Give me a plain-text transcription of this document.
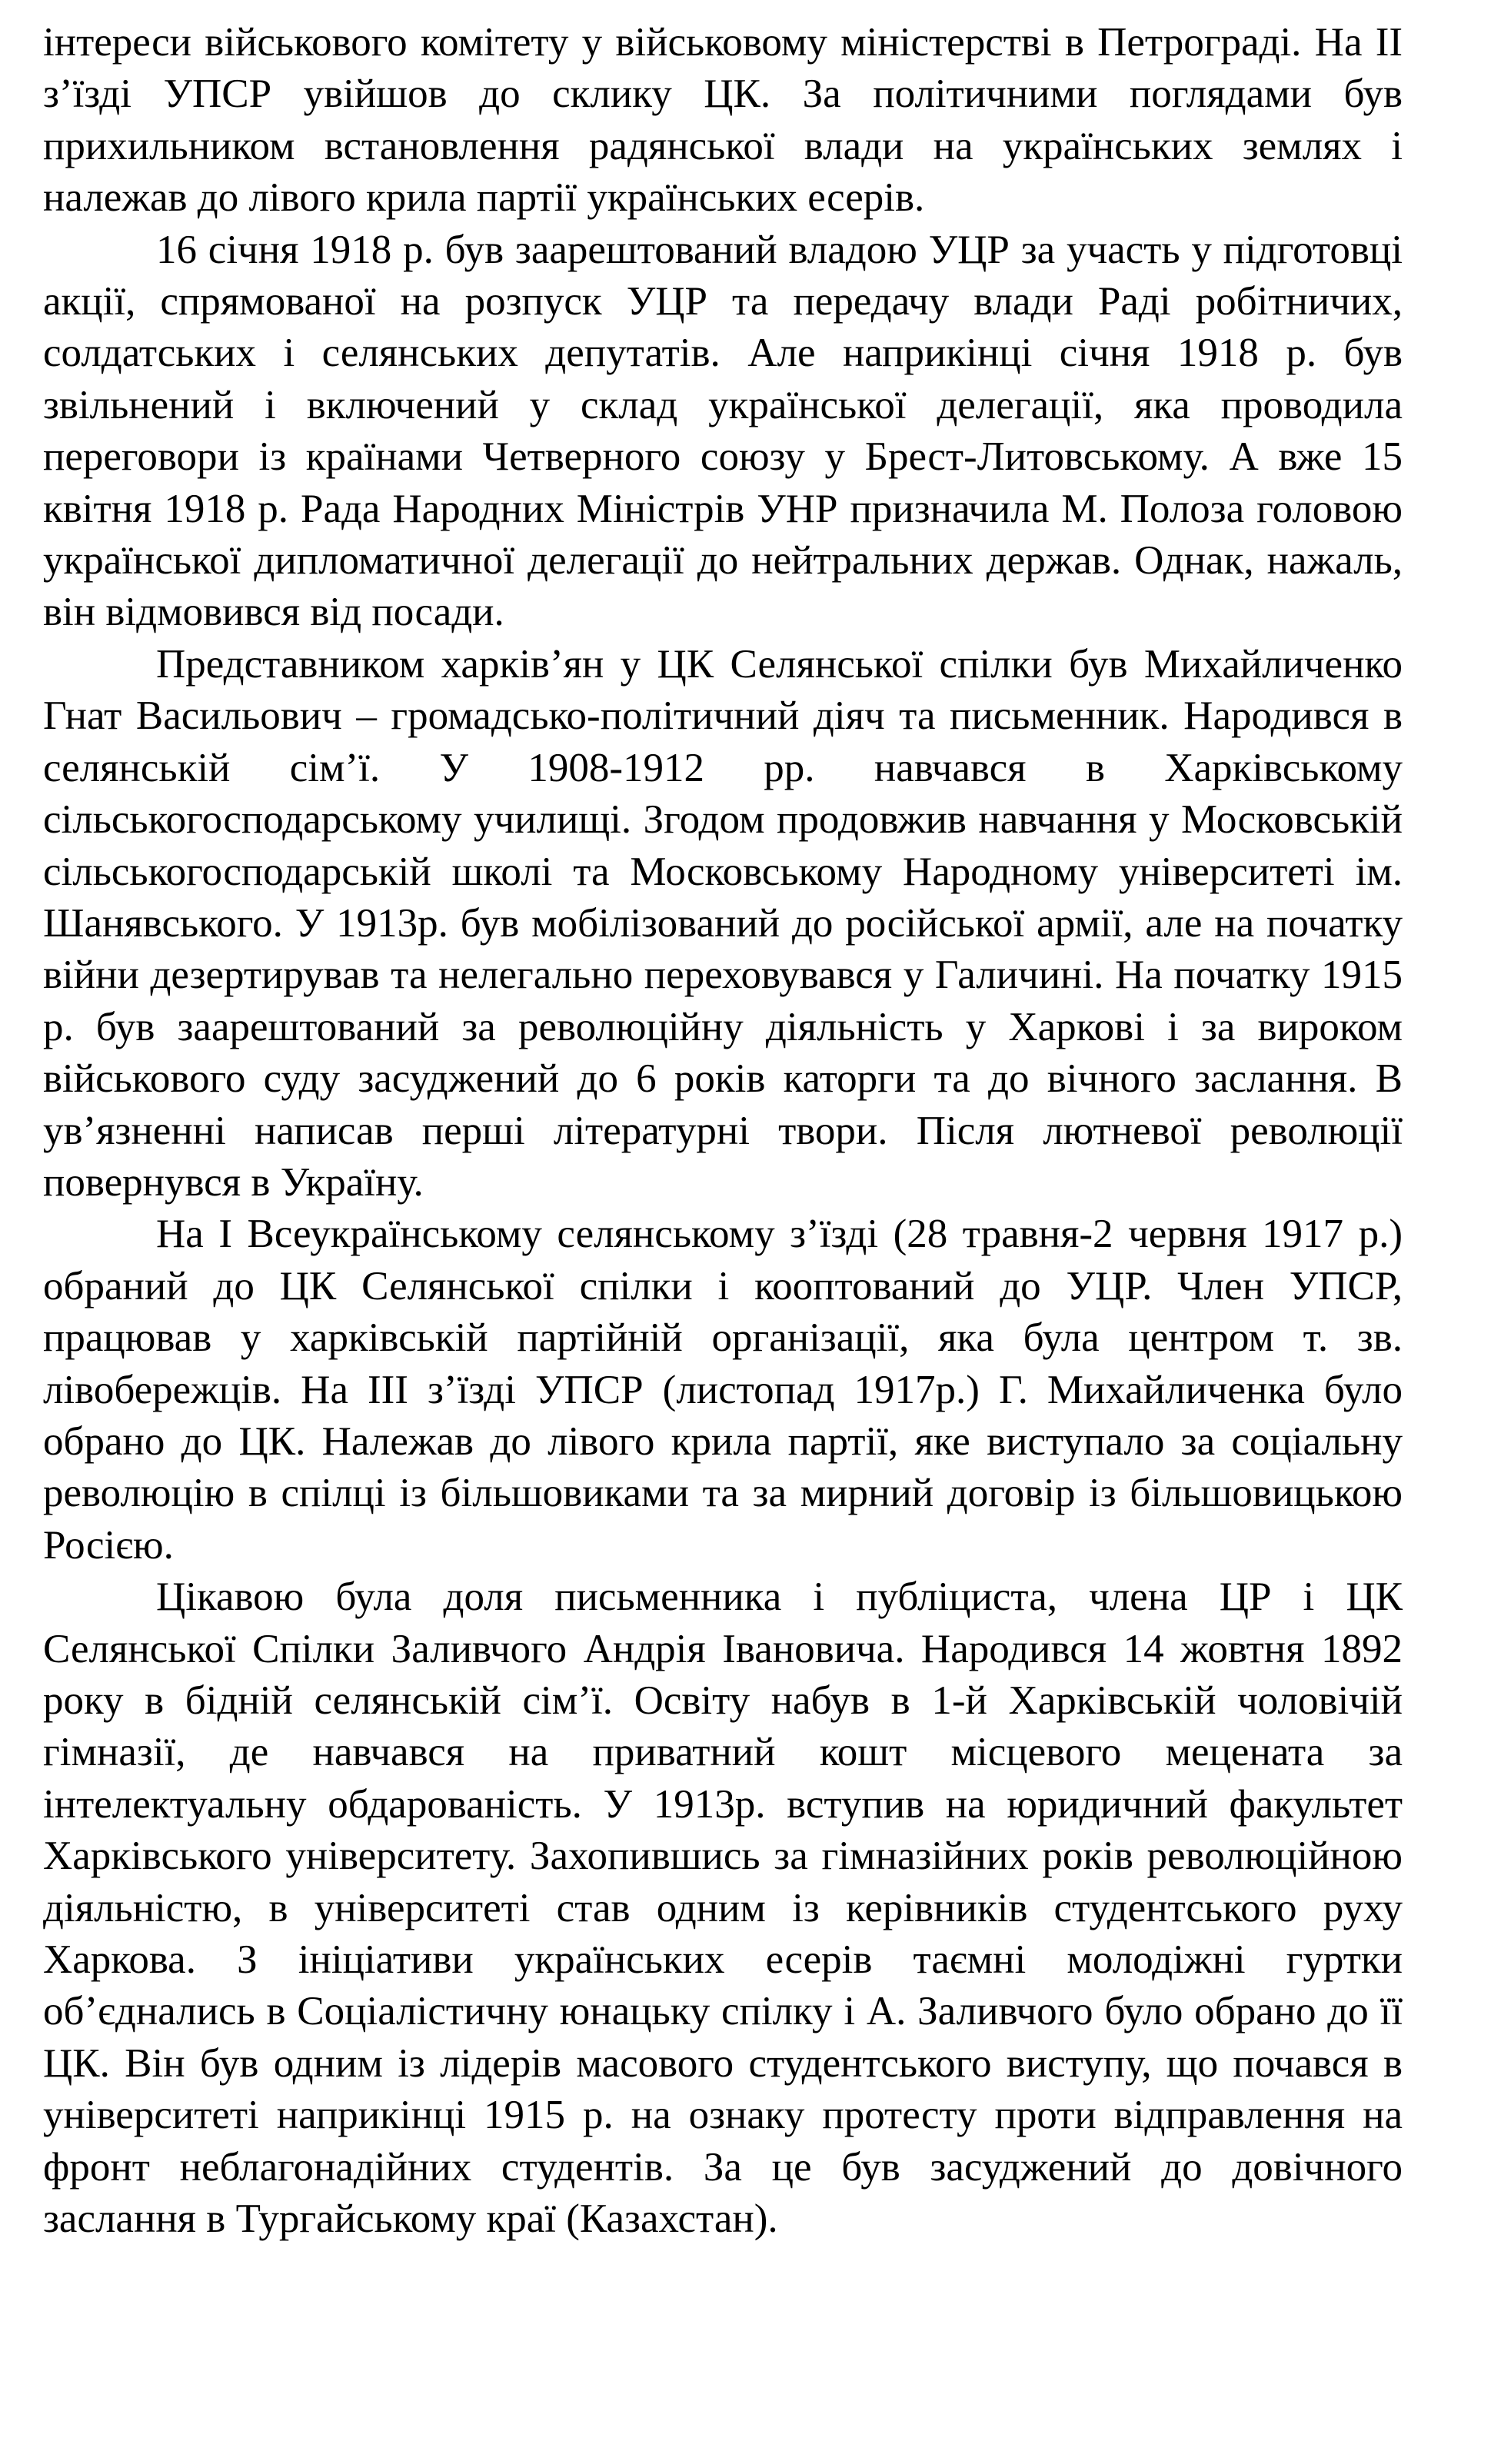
інтереси військового комітету у військовому міністерстві в Петрограді. На ІІ з’їзді УПСР увійшов до склику ЦК. За політичними поглядами був прихильником встановлення радянської влади на українських землях і належав до лівого крила партії українських есерів.

16 січня 1918 р. був заарештований владою УЦР за участь у підготовці акції, спрямованої на розпуск УЦР та передачу влади Раді робітничих, солдатських і селянських депутатів. Але наприкінці січня 1918 р. був звільнений і включений у склад української делегації, яка проводила переговори із країнами Четверного союзу у Брест-Литовському. А вже 15 квітня 1918 р. Рада Народних Міністрів УНР призначила М. Полоза головою української дипломатичної делегації до нейтральних держав. Однак, нажаль, він відмовився від посади.

Представником харків’ян у ЦК Селянської спілки був Михайличенко Гнат Васильович – громадсько-політичний діяч та письменник. Народився в селянській сім’ї. У 1908-1912 рр. навчався в Харківському сільськогосподарському училищі. Згодом продовжив навчання у Московській сільськогосподарській школі та Московському Народному університеті ім. Шанявського. У 1913р. був мобілізований до російської армії, але на початку війни дезертирував та нелегально переховувався у Галичині. На початку 1915 р. був заарештований за революційну діяльність у Харкові і за вироком військового суду засуджений до 6 років каторги та до вічного заслання. В ув’язненні написав перші літературні твори. Після лютневої революції повернувся в Україну.

На І Всеукраїнському селянському з’їзді (28 травня-2 червня 1917 р.) обраний до ЦК Селянської спілки і коoптований до УЦР. Член УПСР, працював у харківській партійній організації, яка була центром т. зв. лівобережців. На ІІІ з’їзді УПСР (листопад 1917р.) Г. Михайличенка було обрано до ЦК. Належав до лівого крила партії, яке виступало за соціальну революцію в спілці із більшовиками та за мирний договір із більшовицькою Росією.

Цікавою була доля письменника і публіциста, члена ЦР і ЦК Селянської Спілки Заливчого Андрія Івановича. Народився 14 жовтня 1892 року в бідній селянській сім’ї. Освіту набув в 1-й Харківській чоловічій гімназії, де навчався на приватний кошт місцевого мецената за інтелектуальну обдарованість. У 1913р. вступив на юридичний факультет Харківського університету. Захопившись за гімназійних років революційною діяльністю, в університеті став одним із керівників студентського руху Харкова. З ініціативи українських есерів таємні молодіжні гуртки об’єднались в Соціалістичну юнацьку спілку і А. Заливчого було обрано до її ЦК. Він був одним із лідерів масового студентського виступу, що почався в університеті наприкінці 1915 р. на ознаку протесту проти відправлення на фронт неблагонадійних студентів. За це був засуджений до довічного заслання в Тургайському краї (Казахстан).
